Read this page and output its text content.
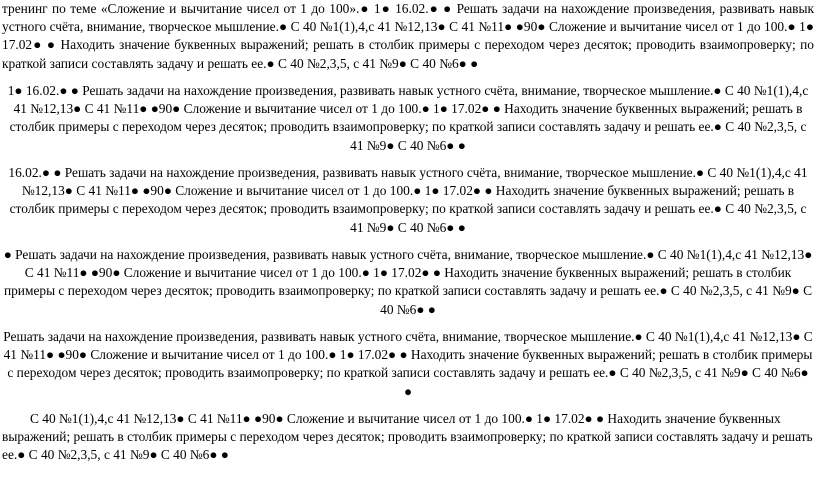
тренинг по теме «Сложение и вычитание чисел от 1 до 100».● 1● 16.02.● ● Решать задачи на нахождение произведения, развивать навык устного счёта, внимание, творческое мышление.● С 40 №1(1),4,с 41 №12,13● С 41 №11● ●90● Сложение и вычитание чисел от 1 до 100.● 1● 17.02● ● Находить значение буквенных выражений; решать в столбик примеры с переходом через десяток; проводить взаимопроверку; по краткой записи составлять задачу и решать ее.● С 40 №2,3,5, с 41 №9● С 40 №6● ●

1● 16.02.● ● Решать задачи на нахождение произведения, развивать навык устного счёта, внимание, творческое мышление.● С 40 №1(1),4,с 41 №12,13● С 41 №11● ●90● Сложение и вычитание чисел от 1 до 100.● 1● 17.02● ● Находить значение буквенных выражений; решать в столбик примеры с переходом через десяток; проводить взаимопроверку; по краткой записи составлять задачу и решать ее.● С 40 №2,3,5, с 41 №9● С 40 №6● ●

16.02.● ● Решать задачи на нахождение произведения, развивать навык устного счёта, внимание, творческое мышление.● С 40 №1(1),4,с 41 №12,13● С 41 №11● ●90● Сложение и вычитание чисел от 1 до 100.● 1● 17.02● ● Находить значение буквенных выражений; решать в столбик примеры с переходом через десяток; проводить взаимопроверку; по краткой записи составлять задачу и решать ее.● С 40 №2,3,5, с 41 №9● С 40 №6● ●

● Решать задачи на нахождение произведения, развивать навык устного счёта, внимание, творческое мышление.● С 40 №1(1),4,с 41 №12,13● С 41 №11● ●90● Сложение и вычитание чисел от 1 до 100.● 1● 17.02● ● Находить значение буквенных выражений; решать в столбик примеры с переходом через десяток; проводить взаимопроверку; по краткой записи составлять задачу и решать ее.● С 40 №2,3,5, с 41 №9● С 40 №6● ●

Решать задачи на нахождение произведения, развивать навык устного счёта, внимание, творческое мышление.● С 40 №1(1),4,с 41 №12,13● С 41 №11● ●90● Сложение и вычитание чисел от 1 до 100.● 1● 17.02● ● Находить значение буквенных выражений; решать в столбик примеры с переходом через десяток; проводить взаимопроверку; по краткой записи составлять задачу и решать ее.● С 40 №2,3,5, с 41 №9● С 40 №6● ●

С 40 №1(1),4,с 41 №12,13● С 41 №11● ●90● Сложение и вычитание чисел от 1 до 100.● 1● 17.02● ● Находить значение буквенных выражений; решать в столбик примеры с переходом через десяток; проводить взаимопроверку; по краткой записи составлять задачу и решать ее.● С 40 №2,3,5, с 41 №9● С 40 №6● ●
